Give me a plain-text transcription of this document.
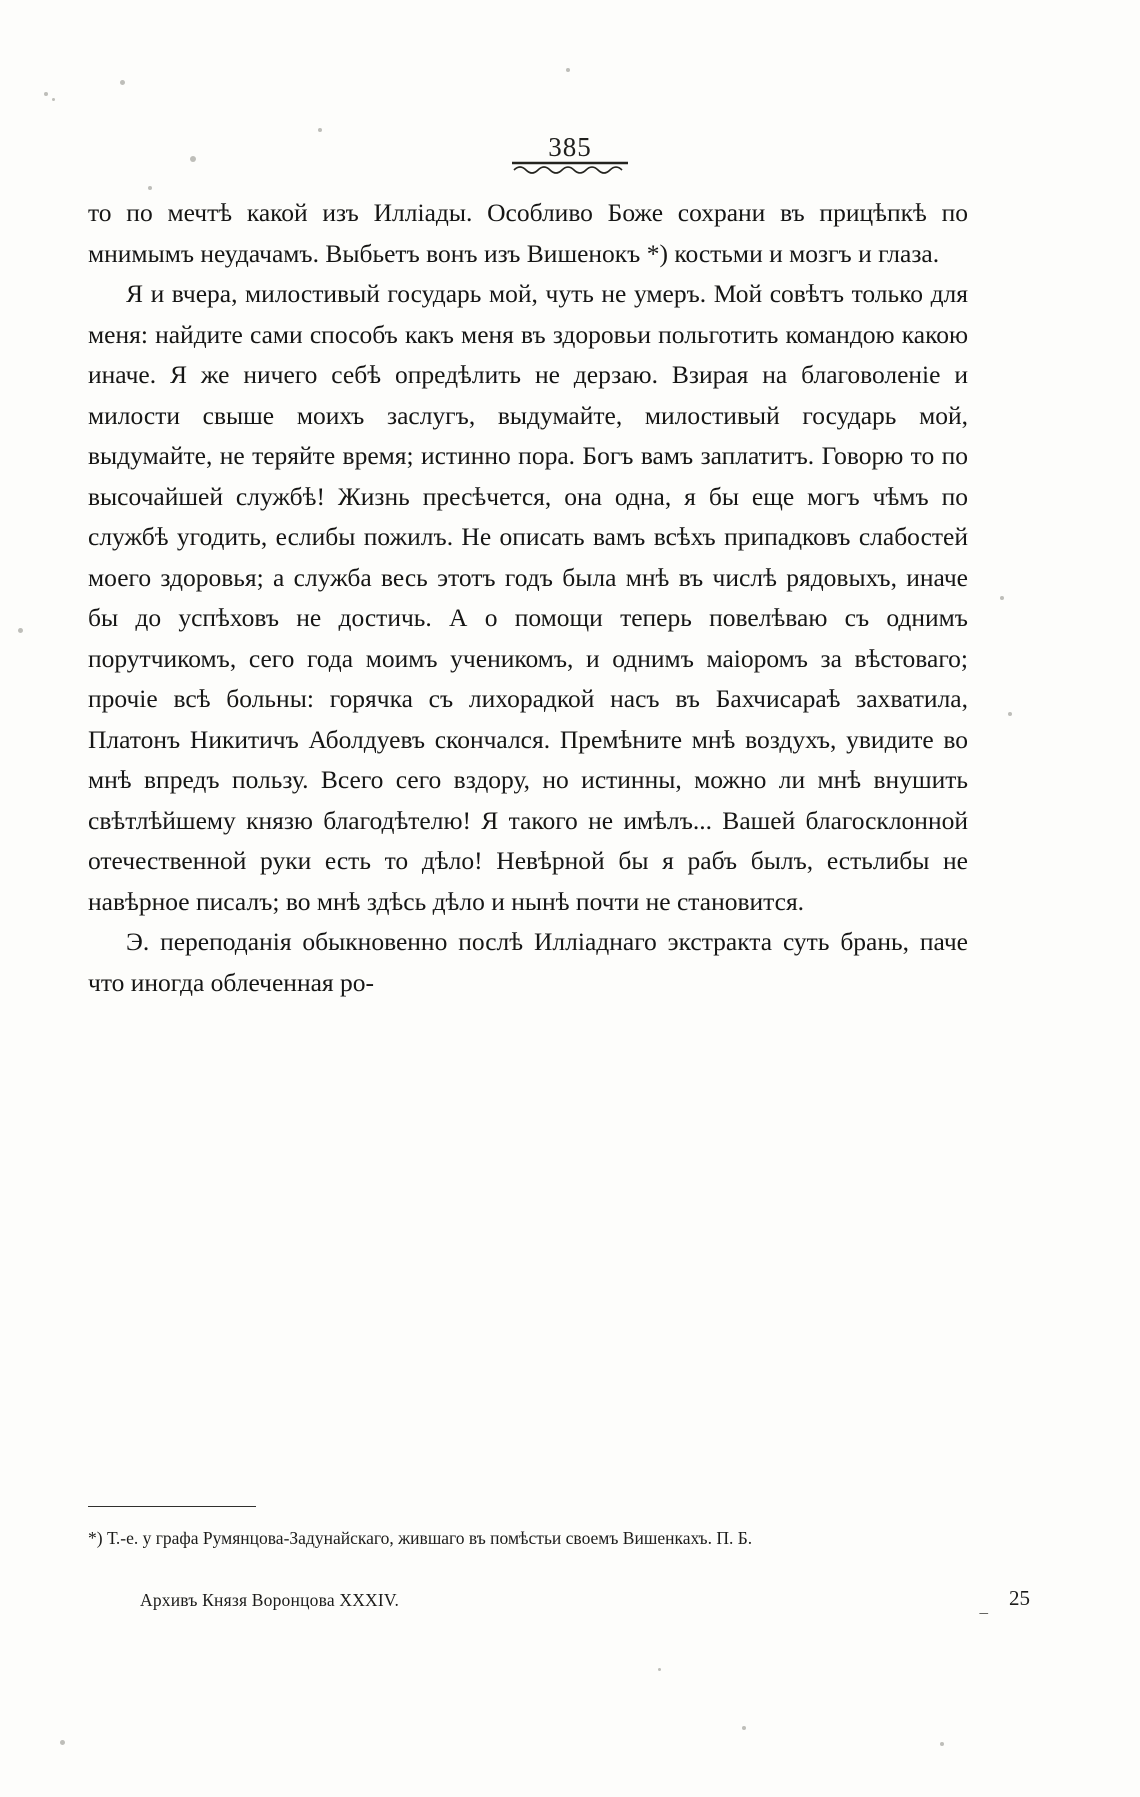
385

то по мечтѣ какой изъ Иллiады. Особливо Боже сохрани въ прицѣпкѣ по мнимымъ неудачамъ. Выбьетъ вонъ изъ Вишенокъ *) костьми и мозгъ и глаза.

Я и вчера, милостивый государь мой, чуть не умеръ. Мой совѣтъ только для меня: найдите сами способъ какъ меня въ здоровьи польготить командою какою иначе. Я же ничего себѣ опредѣлить не дерзаю. Взирая на благоволенiе и милости свыше моихъ заслугъ, выдумайте, милостивый государь мой, выдумайте, не теряйте время; истинно пора. Богъ вамъ заплатитъ. Говорю то по высочайшей службѣ! Жизнь пресѣчется, она одна, я бы еще могъ чѣмъ по службѣ угодить, еслибы пожилъ. Не описать вамъ всѣхъ припадковъ слабостей моего здоровья; а служба весь этотъ годъ была мнѣ въ числѣ рядовыхъ, иначе бы до успѣховъ не достичь. А о помощи теперь повелѣваю съ однимъ порутчикомъ, сего года моимъ ученикомъ, и однимъ маiоромъ за вѣстоваго; прочiе всѣ больны: горячка съ лихорадкой насъ въ Бахчисараѣ захватила, Платонъ Никитичъ Аболдуевъ скончался. Премѣните мнѣ воздухъ, увидите во мнѣ впредъ пользу. Всего сего вздору, но истинны, можно ли мнѣ внушить свѣтлѣйшему князю благодѣтелю! Я такого не имѣлъ... Вашей благосклонной отечественной руки есть то дѣло! Невѣрной бы я рабъ былъ, естьлибы не навѣрное писалъ; во мнѣ здѣсь дѣло и нынѣ почти не становится.

Э. переподанiя обыкновенно послѣ Иллiаднаго экстракта суть брань, паче что иногда облеченная ро-

*) Т.-е. у графа Румянцова-Задунайскаго, жившаго въ помѣстьи своемъ Вишенкахъ. П. Б.
Архивъ Князя Воронцова XXXIV.	_ 25
